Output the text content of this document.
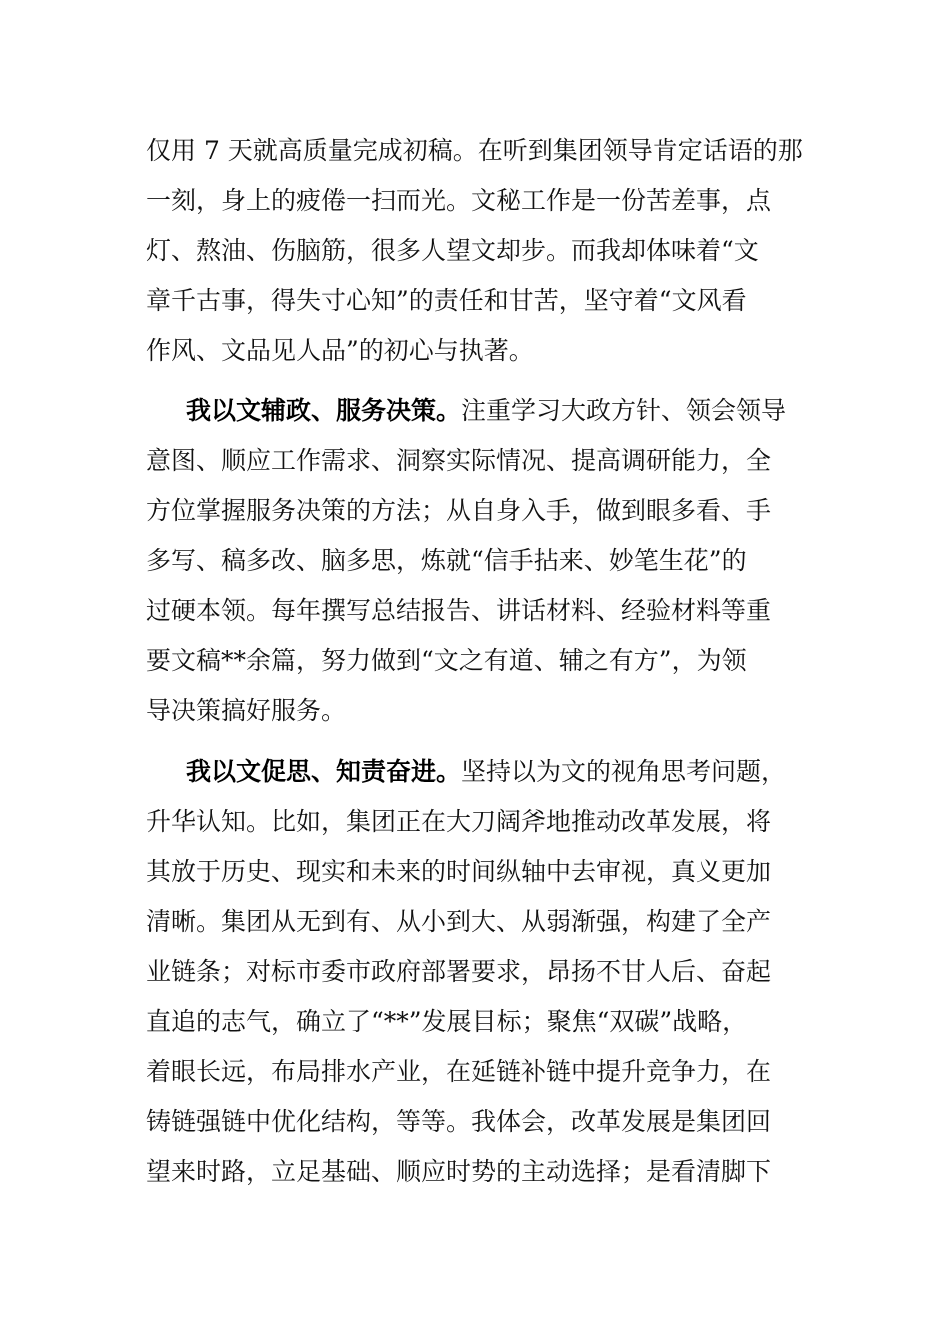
仅用 7 天就高质量完成初稿。在听到集团领导肯定话语的那
一刻，身上的疲倦一扫而光。文秘工作是一份苦差事，点
灯、熬油、伤脑筋，很多人望文却步。而我却体味着“文
章千古事，得失寸心知”的责任和甘苦，坚守着“文风看
作风、文品见人品”的初心与执著。
我以文辅政、服务决策。注重学习大政方针、领会领导
意图、顺应工作需求、洞察实际情况、提高调研能力，全
方位掌握服务决策的方法；从自身入手，做到眼多看、手
多写、稿多改、脑多思，炼就“信手拈来、妙笔生花”的
过硬本领。每年撰写总结报告、讲话材料、经验材料等重
要文稿**余篇，努力做到“文之有道、辅之有方”，为领
导决策搞好服务。
我以文促思、知责奋进。坚持以为文的视角思考问题，
升华认知。比如，集团正在大刀阔斧地推动改革发展，将
其放于历史、现实和未来的时间纵轴中去审视，真义更加
清晰。集团从无到有、从小到大、从弱渐强，构建了全产
业链条；对标市委市政府部署要求，昂扬不甘人后、奋起
直追的志气，确立了“**”发展目标；聚焦“双碳”战略，
着眼长远，布局排水产业，在延链补链中提升竞争力，在
铸链强链中优化结构，等等。我体会，改革发展是集团回
望来时路，立足基础、顺应时势的主动选择；是看清脚下
